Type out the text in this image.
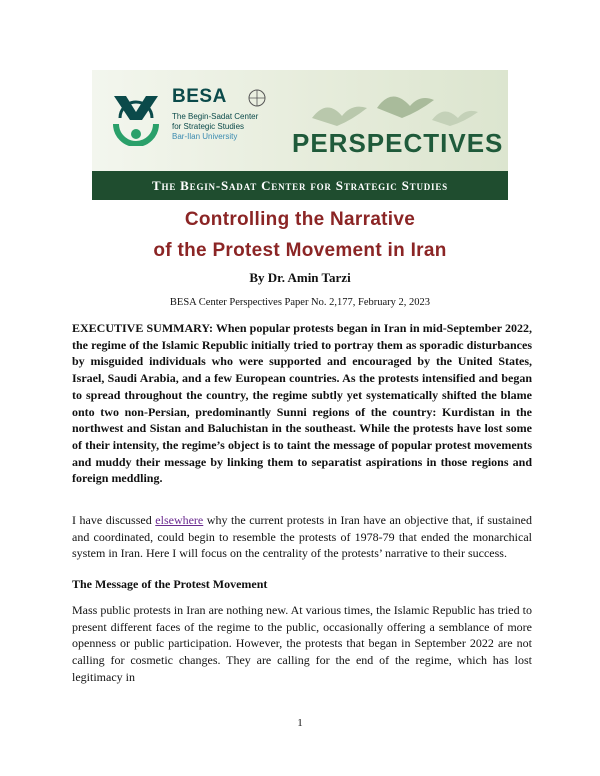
BESA
The Begin-Sadat Center
for Strategic Studies
Bar-Ilan University PERSPECTIVES
The Begin-Sadat Center for Strategic Studies
Controlling the Narrative
of the Protest Movement in Iran
By Dr. Amin Tarzi
BESA Center Perspectives Paper No. 2,177, February 2, 2023
EXECUTIVE SUMMARY: When popular protests began in Iran in mid-September 2022, the regime of the Islamic Republic initially tried to portray them as sporadic disturbances by misguided individuals who were supported and encouraged by the United States, Israel, Saudi Arabia, and a few European countries. As the protests intensified and began to spread throughout the country, the regime subtly yet systematically shifted the blame onto two non-Persian, predominantly Sunni regions of the country: Kurdistan in the northwest and Sistan and Baluchistan in the southeast. While the protests have lost some of their intensity, the regime’s object is to taint the message of popular protest movements and muddy their message by linking them to separatist aspirations in those regions and foreign meddling.
I have discussed elsewhere why the current protests in Iran have an objective that, if sustained and coordinated, could begin to resemble the protests of 1978-79 that ended the monarchical system in Iran. Here I will focus on the centrality of the protests’ narrative to their success.
The Message of the Protest Movement
Mass public protests in Iran are nothing new. At various times, the Islamic Republic has tried to present different faces of the regime to the public, occasionally offering a semblance of more openness or public participation. However, the protests that began in September 2022 are not calling for cosmetic changes. They are calling for the end of the regime, which has lost legitimacy in
1
